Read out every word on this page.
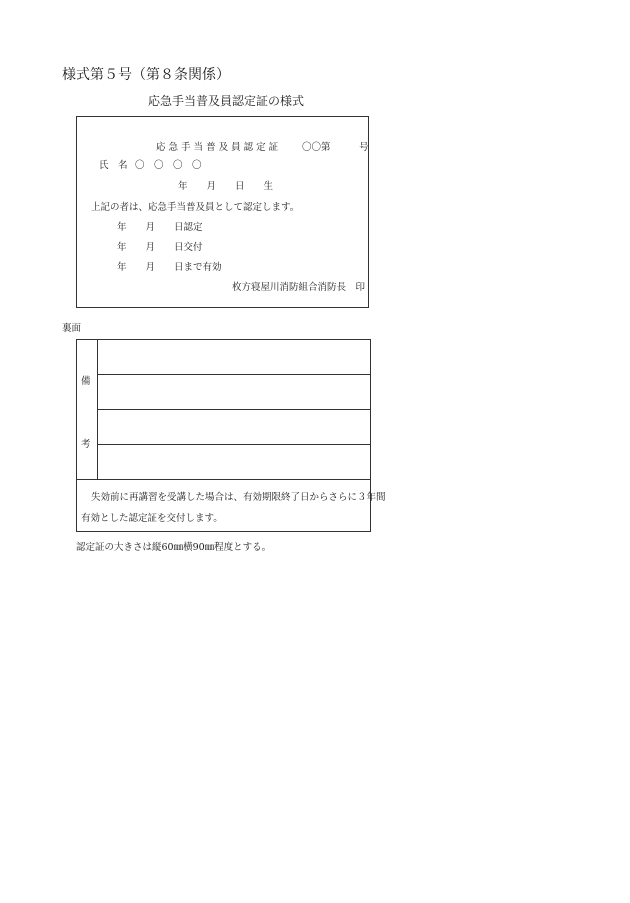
様式第５号（第８条関係）
応急手当普及員認定証の様式
応 急 手 当 普 及 員 認 定 証	〇〇第　　　号
氏　名 〇　〇　〇　〇
年　　月　　日　　生
上記の者は、応急手当普及員として認定します。
年　　月　　日認定
年　　月　　日交付
年　　月　　日まで有効
枚方寝屋川消防組合消防長　印
裏面
備
考
失効前に再講習を受講した場合は、有効期限終了日からさらに３年間
有効とした認定証を交付します。
認定証の大きさは縦60㎜横90㎜程度とする。
